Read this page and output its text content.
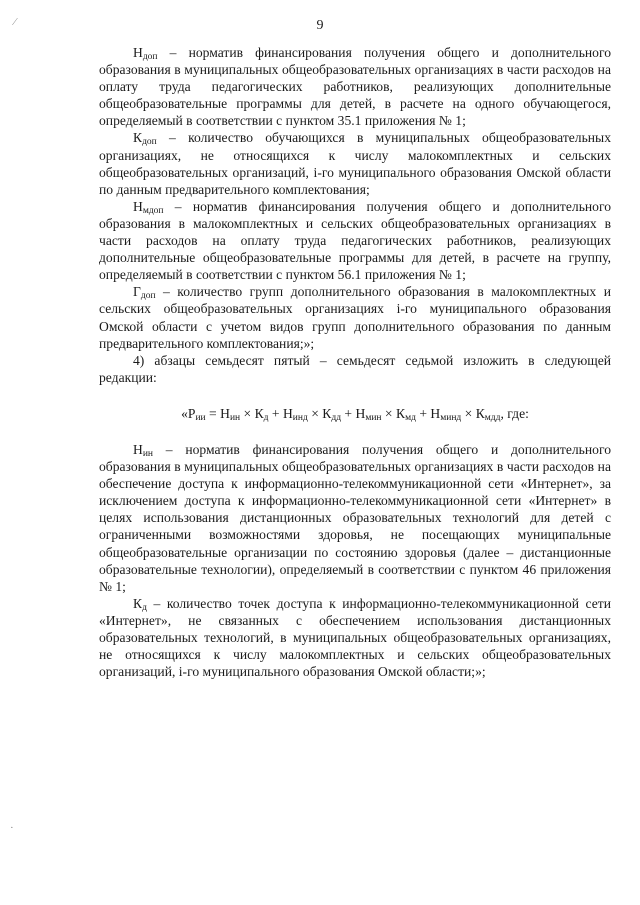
⁄	9

$Н_{доп}$ – норматив финансирования получения общего и дополнительного образования в муниципальных общеобразовательных организациях в части расходов на оплату труда педагогических работников, реализующих дополнительные общеобразовательные программы для детей, в расчете на одного обучающегося, определяемый в соответствии с пунктом 35.1 приложения № 1;

$К_{доп}$ – количество обучающихся в муниципальных общеобразовательных организациях, не относящихся к числу малокомплектных и сельских общеобразовательных организаций, i-го муниципального образования Омской области по данным предварительного комплектования;

$Н_{мдоп}$ – норматив финансирования получения общего и дополнительного образования в малокомплектных и сельских общеобразовательных организациях в части расходов на оплату труда педагогических работников, реализующих дополнительные общеобразовательные программы для детей, в расчете на группу, определяемый в соответствии с пунктом 56.1 приложения № 1;

$Г_{доп}$ – количество групп дополнительного образования в малокомплектных и сельских общеобразовательных организациях i-го муниципального образования Омской области с учетом видов групп дополнительного образования по данным предварительного комплектования;»;

4) абзацы семьдесят пятый – семьдесят седьмой изложить в следующей редакции:

«$Р_{ии} = Н_{ин} \times К_д + Н_{инд} \times К_{дд} + Н_{мин} \times К_{мд} + Н_{минд} \times К_{мдд}$, где:

$Н_{ин}$ – норматив финансирования получения общего и дополнительного образования в муниципальных общеобразовательных организациях в части расходов на обеспечение доступа к информационно-телекоммуникационной сети «Интернет», за исключением доступа к информационно-телекоммуникационной сети «Интернет» в целях использования дистанционных образовательных технологий для детей с ограниченными возможностями здоровья, не посещающих муниципальные общеобразовательные организации по состоянию здоровья (далее – дистанционные образовательные технологии), определяемый в соответствии с пунктом 46 приложения № 1;

$К_д$ – количество точек доступа к информационно-телекоммуникационной сети «Интернет», не связанных с обеспечением использования дистанционных образовательных технологий, в муниципальных общеобразовательных организациях, не относящихся к числу малокомплектных и сельских общеобразовательных организаций, i-го муниципального образования Омской области;»;

·
